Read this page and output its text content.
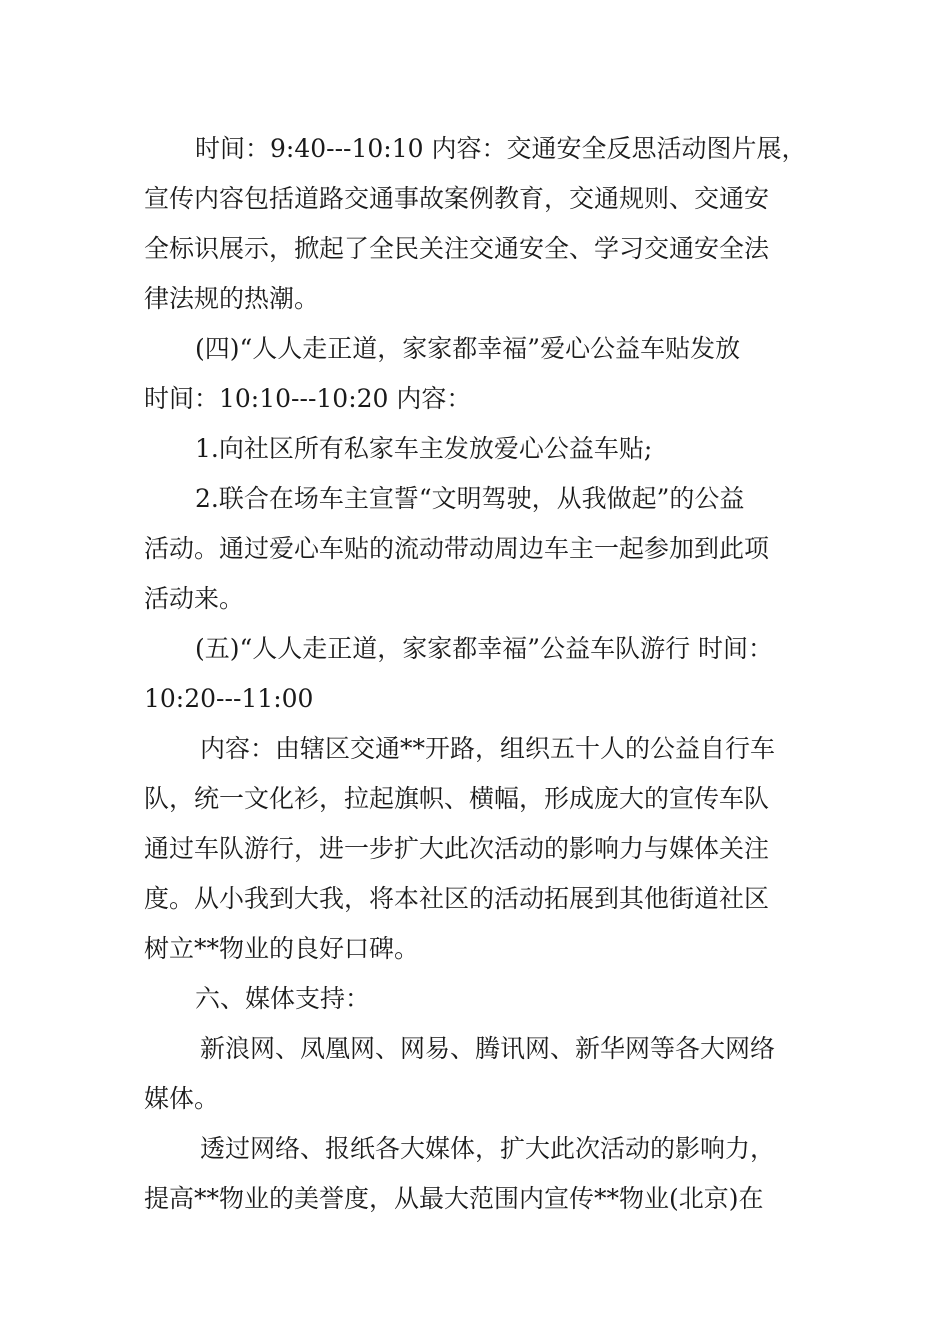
时间：9:40---10:10 内容：交通安全反思活动图片展，
宣传内容包括道路交通事故案例教育，交通规则、交通安
全标识展示，掀起了全民关注交通安全、学习交通安全法
律法规的热潮。
(四)“人人走正道，家家都幸福”爱心公益车贴发放
时间：10:10---10:20 内容：
1.向社区所有私家车主发放爱心公益车贴;
2.联合在场车主宣誓“文明驾驶，从我做起”的公益
活动。通过爱心车贴的流动带动周边车主一起参加到此项
活动来。
(五)“人人走正道，家家都幸福”公益车队游行 时间：
10:20---11:00
内容：由辖区交通**开路，组织五十人的公益自行车
队，统一文化衫，拉起旗帜、横幅，形成庞大的宣传车队
通过车队游行，进一步扩大此次活动的影响力与媒体关注
度。从小我到大我，将本社区的活动拓展到其他街道社区
树立**物业的良好口碑。
六、媒体支持：
新浪网、凤凰网、网易、腾讯网、新华网等各大网络
媒体。
透过网络、报纸各大媒体，扩大此次活动的影响力，
提高**物业的美誉度，从最大范围内宣传**物业(北京)在
